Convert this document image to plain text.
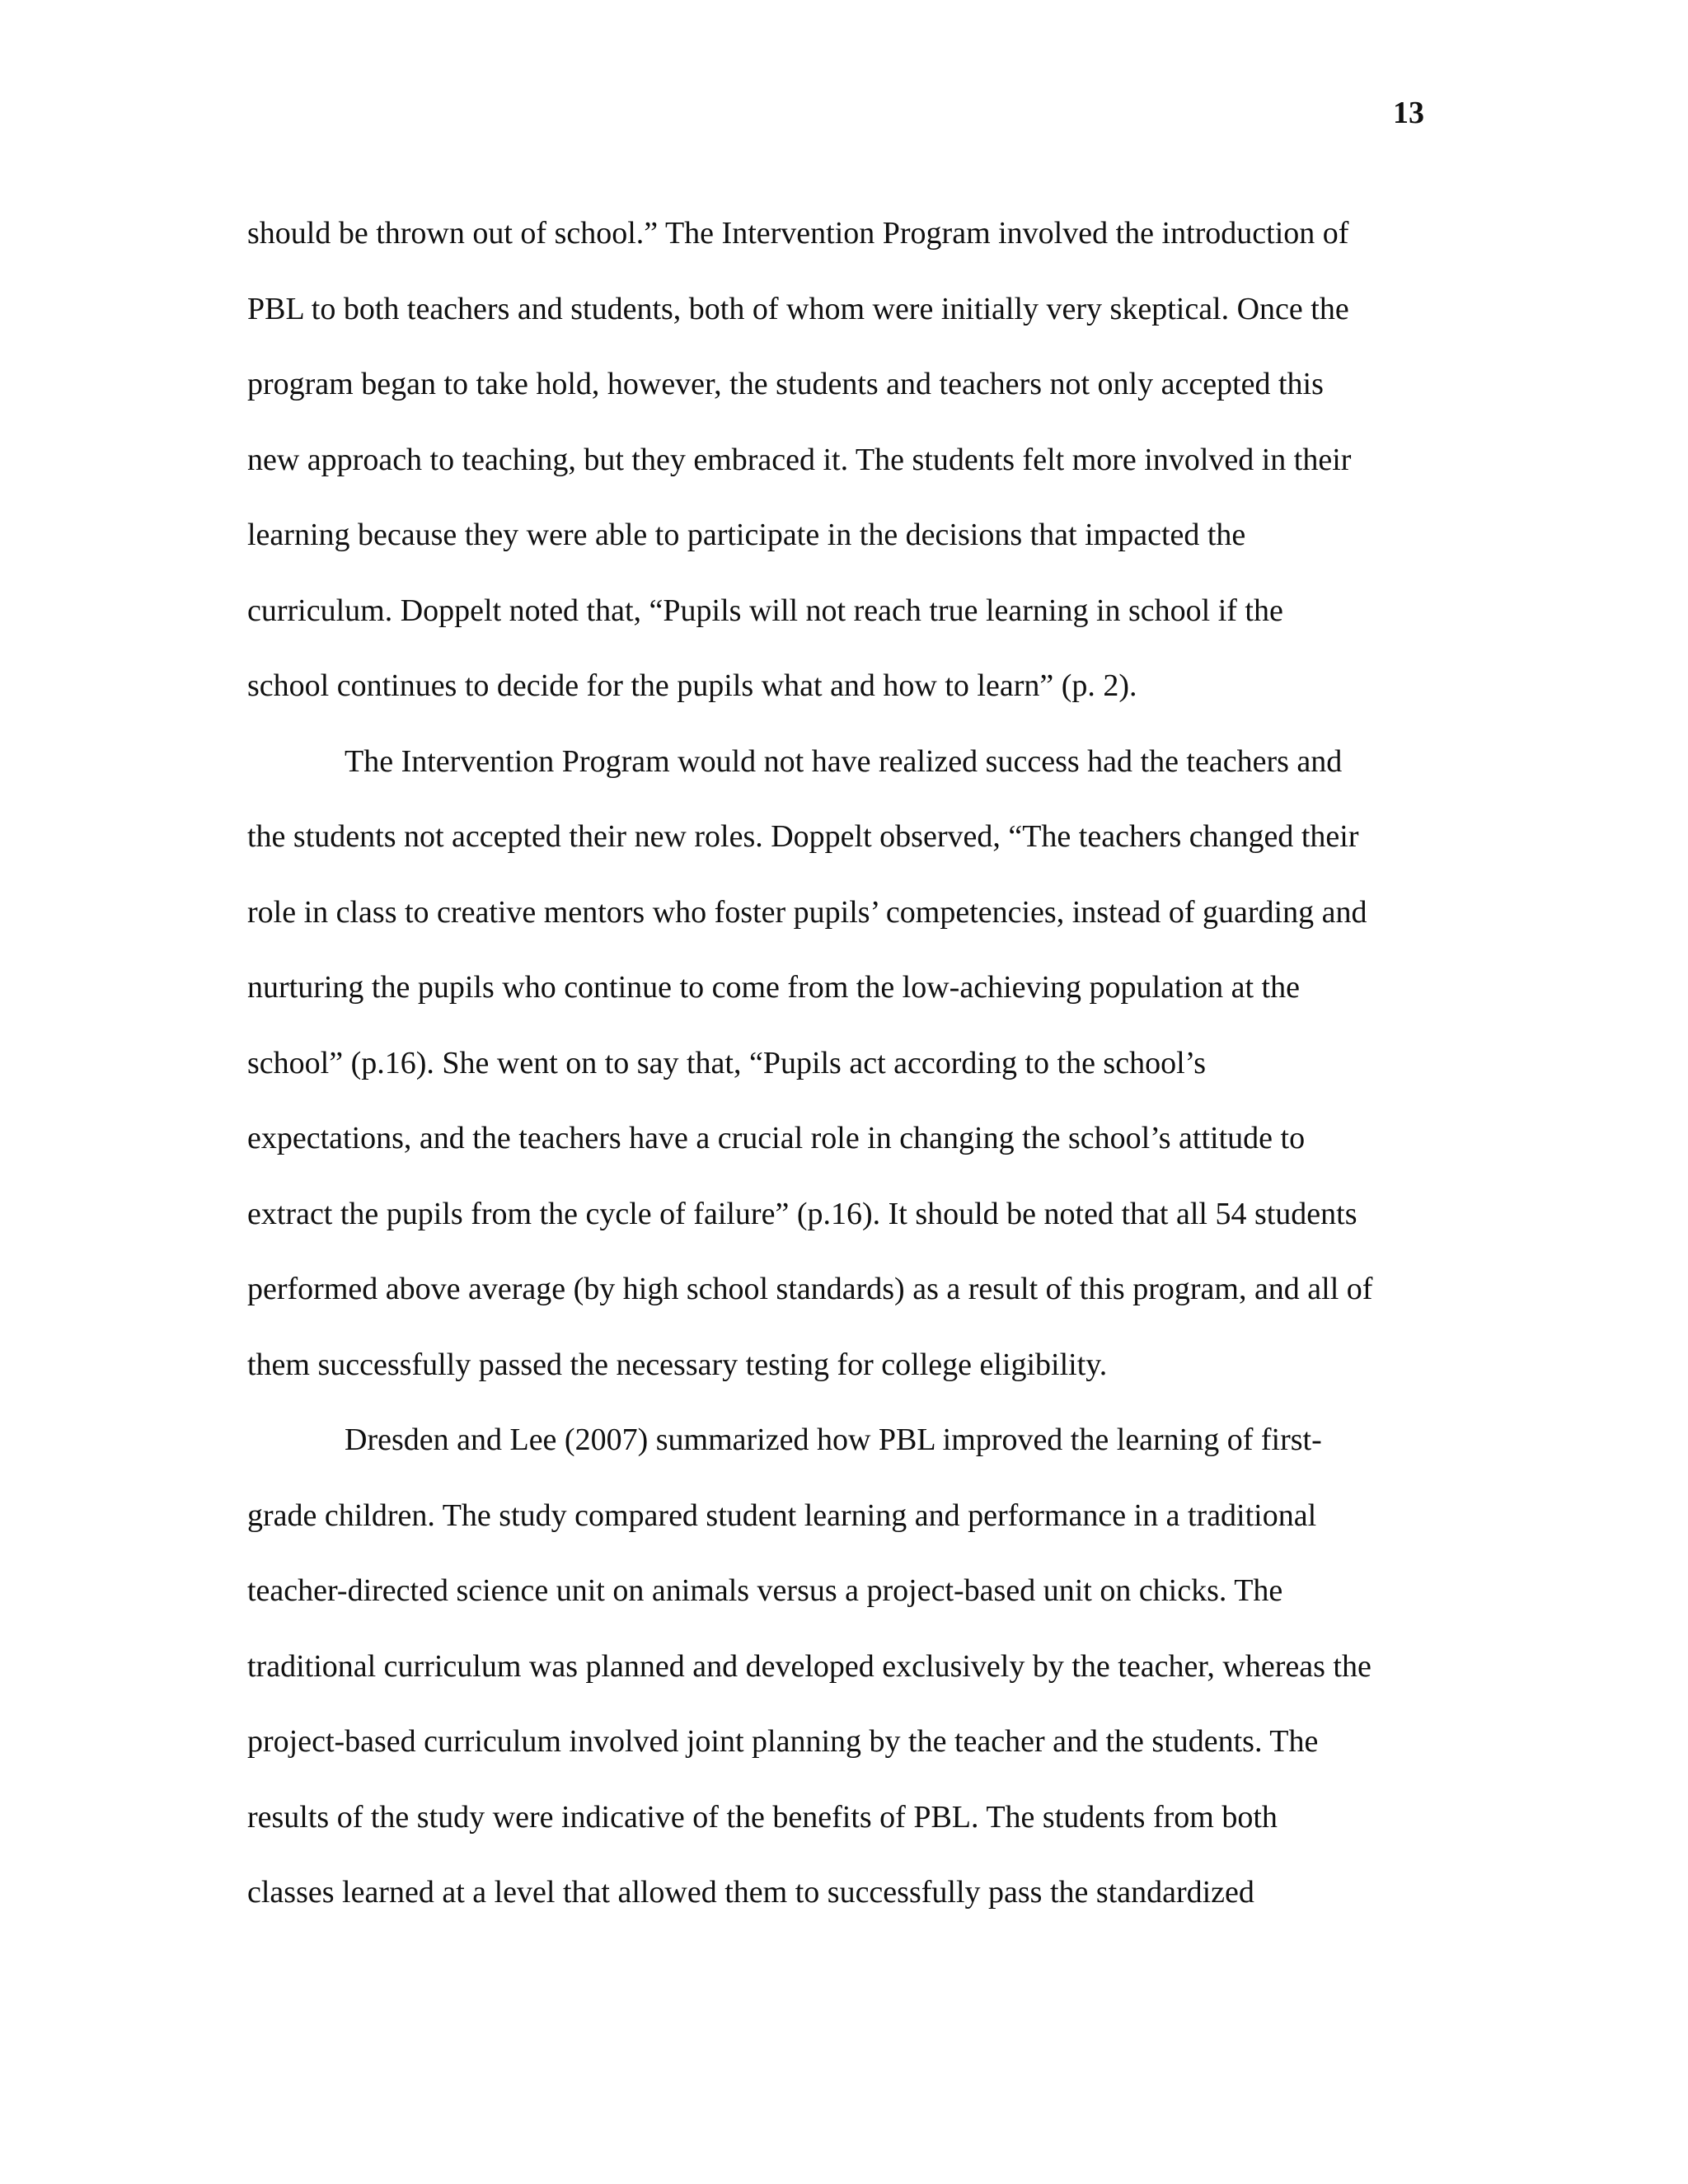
13
should be thrown out of school.” The Intervention Program involved the introduction of
PBL to both teachers and students, both of whom were initially very skeptical. Once the
program began to take hold, however, the students and teachers not only accepted this
new approach to teaching, but they embraced it. The students felt more involved in their
learning because they were able to participate in the decisions that impacted the
curriculum. Doppelt noted that, “Pupils will not reach true learning in school if the
school continues to decide for the pupils what and how to learn” (p. 2).
The Intervention Program would not have realized success had the teachers and
the students not accepted their new roles. Doppelt observed, “The teachers changed their
role in class to creative mentors who foster pupils’ competencies, instead of guarding and
nurturing the pupils who continue to come from the low-achieving population at the
school” (p.16). She went on to say that, “Pupils act according to the school’s
expectations, and the teachers have a crucial role in changing the school’s attitude to
extract the pupils from the cycle of failure” (p.16). It should be noted that all 54 students
performed above average (by high school standards) as a result of this program, and all of
them successfully passed the necessary testing for college eligibility.
Dresden and Lee (2007) summarized how PBL improved the learning of first-
grade children. The study compared student learning and performance in a traditional
teacher-directed science unit on animals versus a project-based unit on chicks. The
traditional curriculum was planned and developed exclusively by the teacher, whereas the
project-based curriculum involved joint planning by the teacher and the students. The
results of the study were indicative of the benefits of PBL. The students from both
classes learned at a level that allowed them to successfully pass the standardized
